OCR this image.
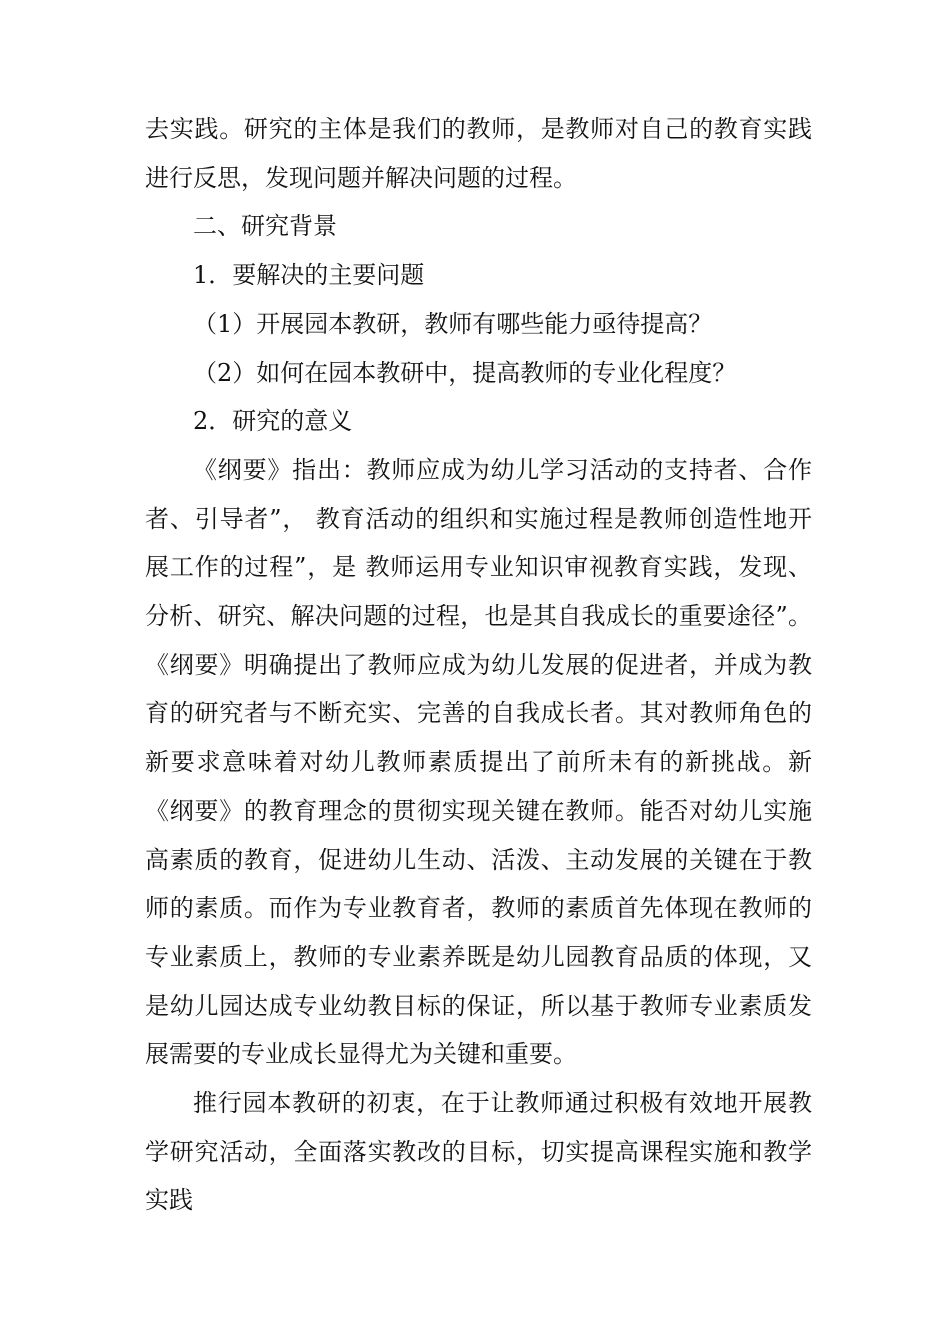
去实践。研究的主体是我们的教师，是教师对自己的教育实践进行反思，发现问题并解决问题的过程。

二、研究背景

1．要解决的主要问题

（1）开展园本教研，教师有哪些能力亟待提高？

（2）如何在园本教研中，提高教师的专业化程度？

2．研究的意义

《纲要》指出：教师应成为幼儿学习活动的支持者、合作者、引导者”， 教育活动的组织和实施过程是教师创造性地开展工作的过程”，是 教师运用专业知识审视教育实践，发现、分析、研究、解决问题的过程，也是其自我成长的重要途径”。《纲要》明确提出了教师应成为幼儿发展的促进者，并成为教育的研究者与不断充实、完善的自我成长者。其对教师角色的新要求意味着对幼儿教师素质提出了前所未有的新挑战。新《纲要》的教育理念的贯彻实现关键在教师。能否对幼儿实施高素质的教育，促进幼儿生动、活泼、主动发展的关键在于教师的素质。而作为专业教育者，教师的素质首先体现在教师的专业素质上，教师的专业素养既是幼儿园教育品质的体现，又是幼儿园达成专业幼教目标的保证，所以基于教师专业素质发展需要的专业成长显得尤为关键和重要。

推行园本教研的初衷，在于让教师通过积极有效地开展教学研究活动，全面落实教改的目标，切实提高课程实施和教学实践
